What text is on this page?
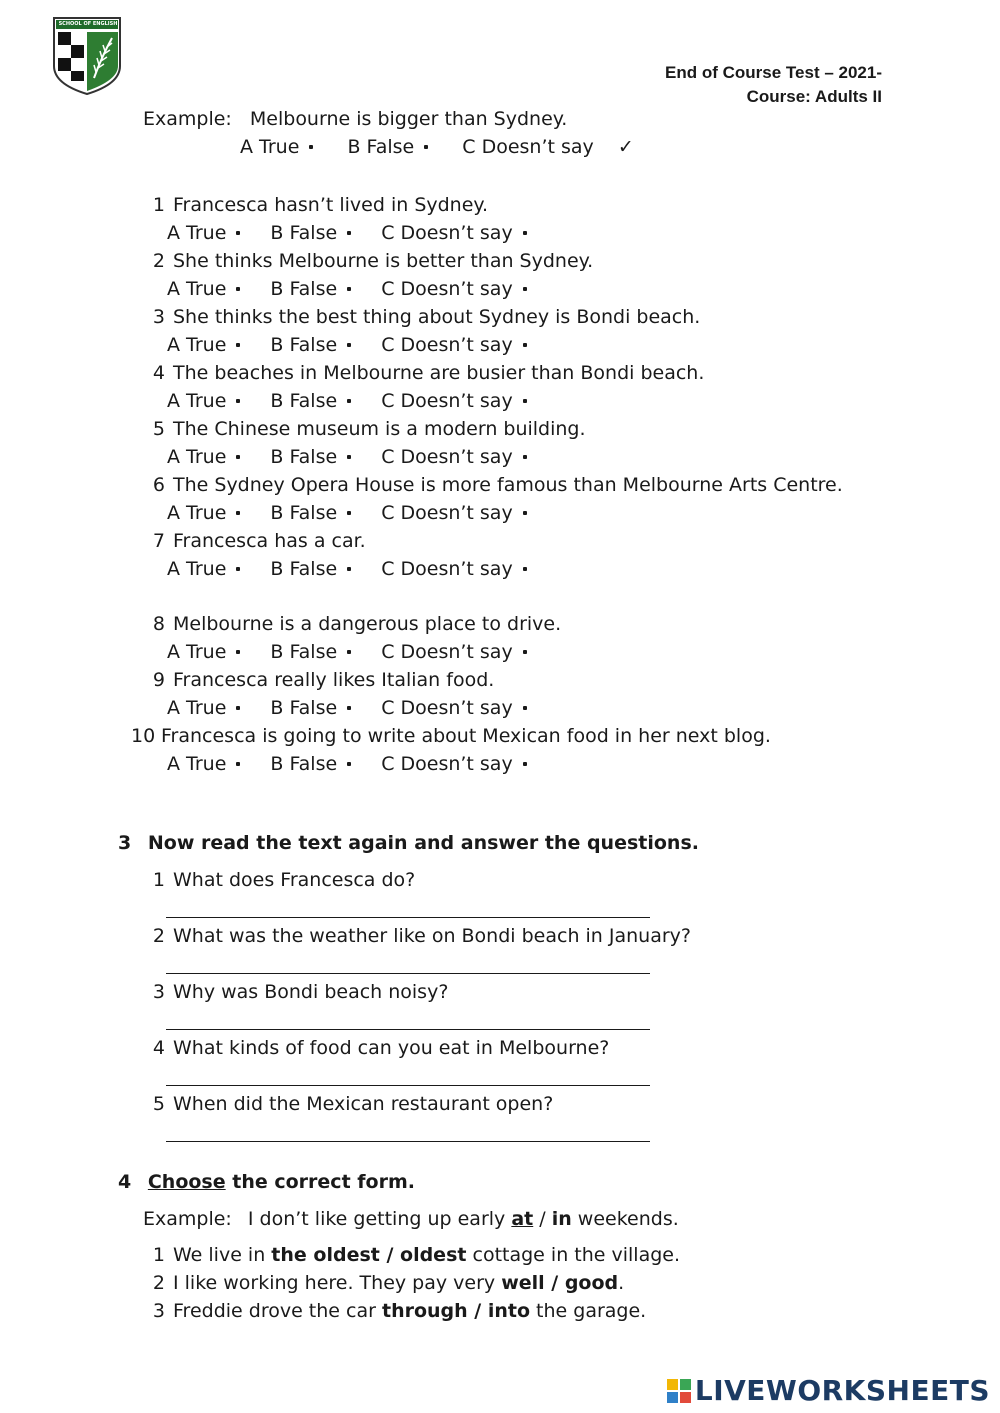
SCHOOL OF ENGLISH
End of Course Test – 2021-
Course: Adults II
Example: Melbourne is bigger than Sydney.
A True	B False	C Doesn’t say ✓
1 Francesca hasn’t lived in Sydney.
A True B False C Doesn’t say
2 She thinks Melbourne is better than Sydney.
A True B False C Doesn’t say
3 She thinks the best thing about Sydney is Bondi beach.
A True B False C Doesn’t say
4 The beaches in Melbourne are busier than Bondi beach.
A True B False C Doesn’t say
5 The Chinese museum is a modern building.
A True B False C Doesn’t say
6 The Sydney Opera House is more famous than Melbourne Arts Centre.
A True B False C Doesn’t say
7 Francesca has a car.
A True B False C Doesn’t say
8 Melbourne is a dangerous place to drive.
A True B False C Doesn’t say
9 Francesca really likes Italian food.
A True B False C Doesn’t say
10 Francesca is going to write about Mexican food in her next blog.
A True B False C Doesn’t say
3 Now read the text again and answer the questions.
1 What does Francesca do?
2 What was the weather like on Bondi beach in January?
3 Why was Bondi beach noisy?
4 What kinds of food can you eat in Melbourne?
5 When did the Mexican restaurant open?
4 Choose the correct form.
Example: I don’t like getting up early at / in weekends.
1 We live in the oldest / oldest cottage in the village.
2 I like working here. They pay very well / good.
3 Freddie drove the car through / into the garage.
LIVEWORKSHEETS
